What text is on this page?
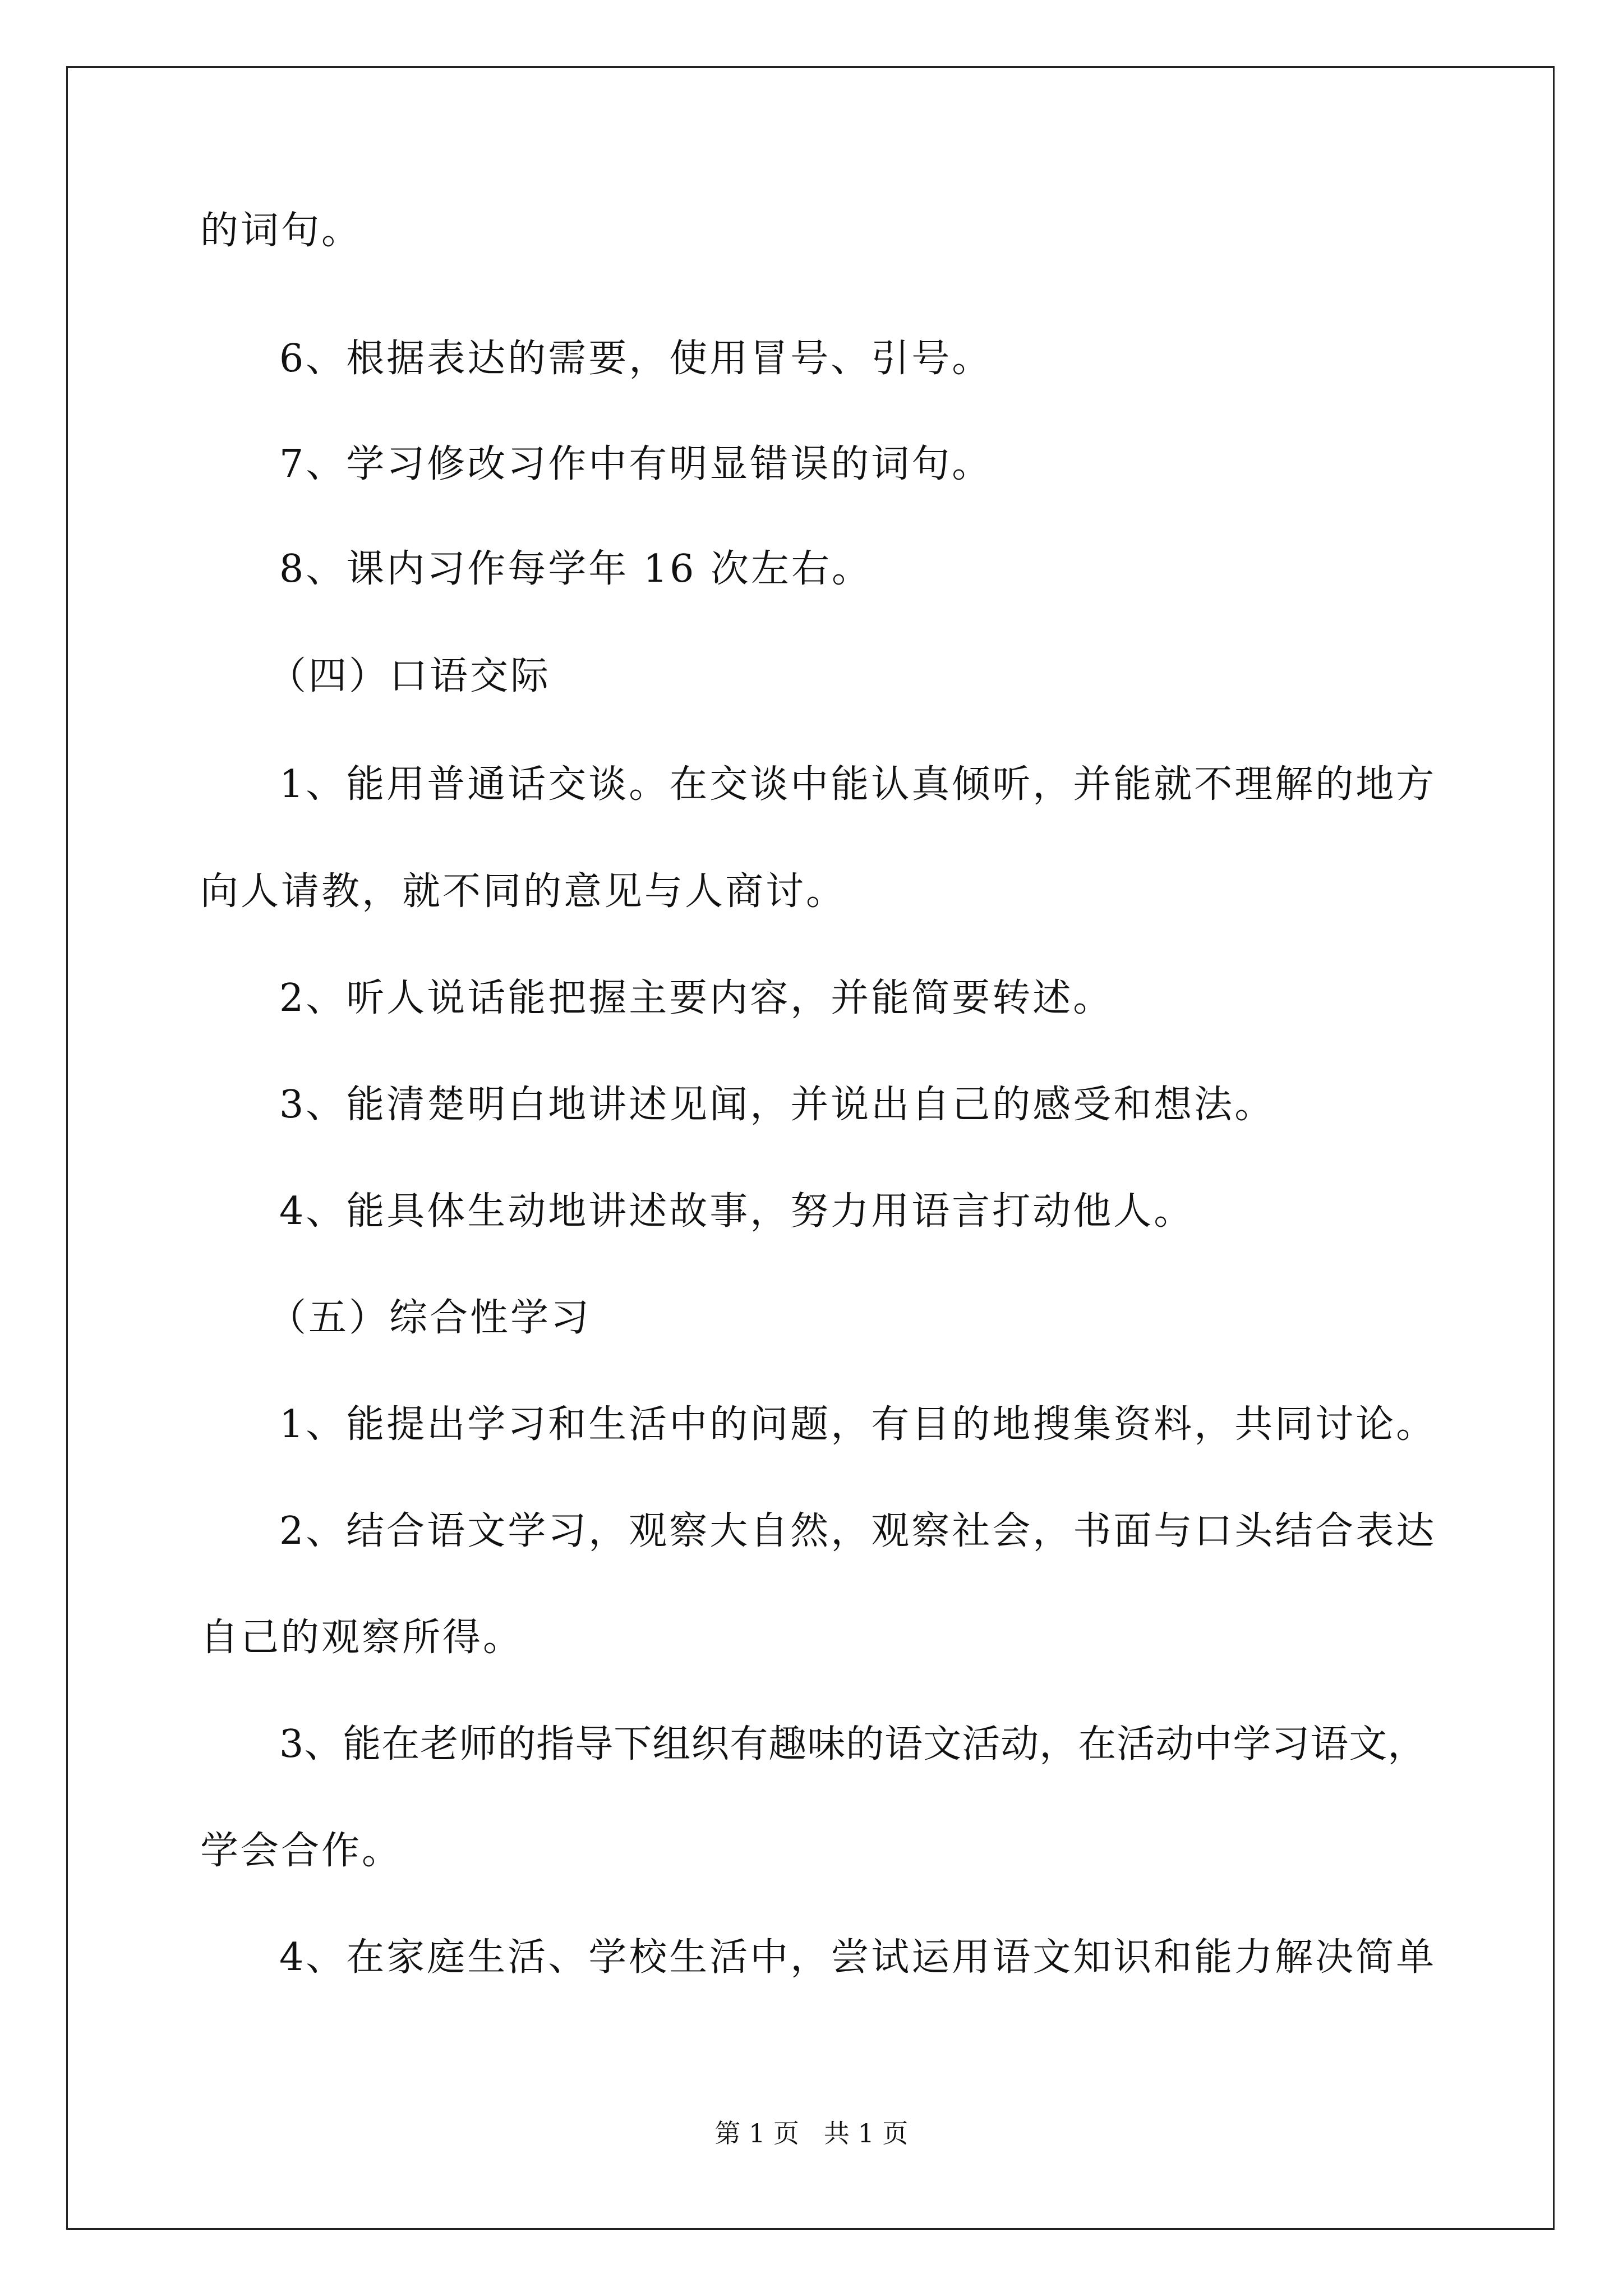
的词句。
6、根据表达的需要，使用冒号、引号。
7、学习修改习作中有明显错误的词句。
8、课内习作每学年 16 次左右。
（四）口语交际
1、能用普通话交谈。在交谈中能认真倾听，并能就不理解的地方
向人请教，就不同的意见与人商讨。
2、听人说话能把握主要内容，并能简要转述。
3、能清楚明白地讲述见闻，并说出自己的感受和想法。
4、能具体生动地讲述故事，努力用语言打动他人。
（五）综合性学习
1、能提出学习和生活中的问题，有目的地搜集资料，共同讨论。
2、结合语文学习，观察大自然，观察社会，书面与口头结合表达
自己的观察所得。
3、能在老师的指导下组织有趣味的语文活动，在活动中学习语文，
学会合作。
4、在家庭生活、学校生活中，尝试运用语文知识和能力解决简单
第 1 页   共 1 页
